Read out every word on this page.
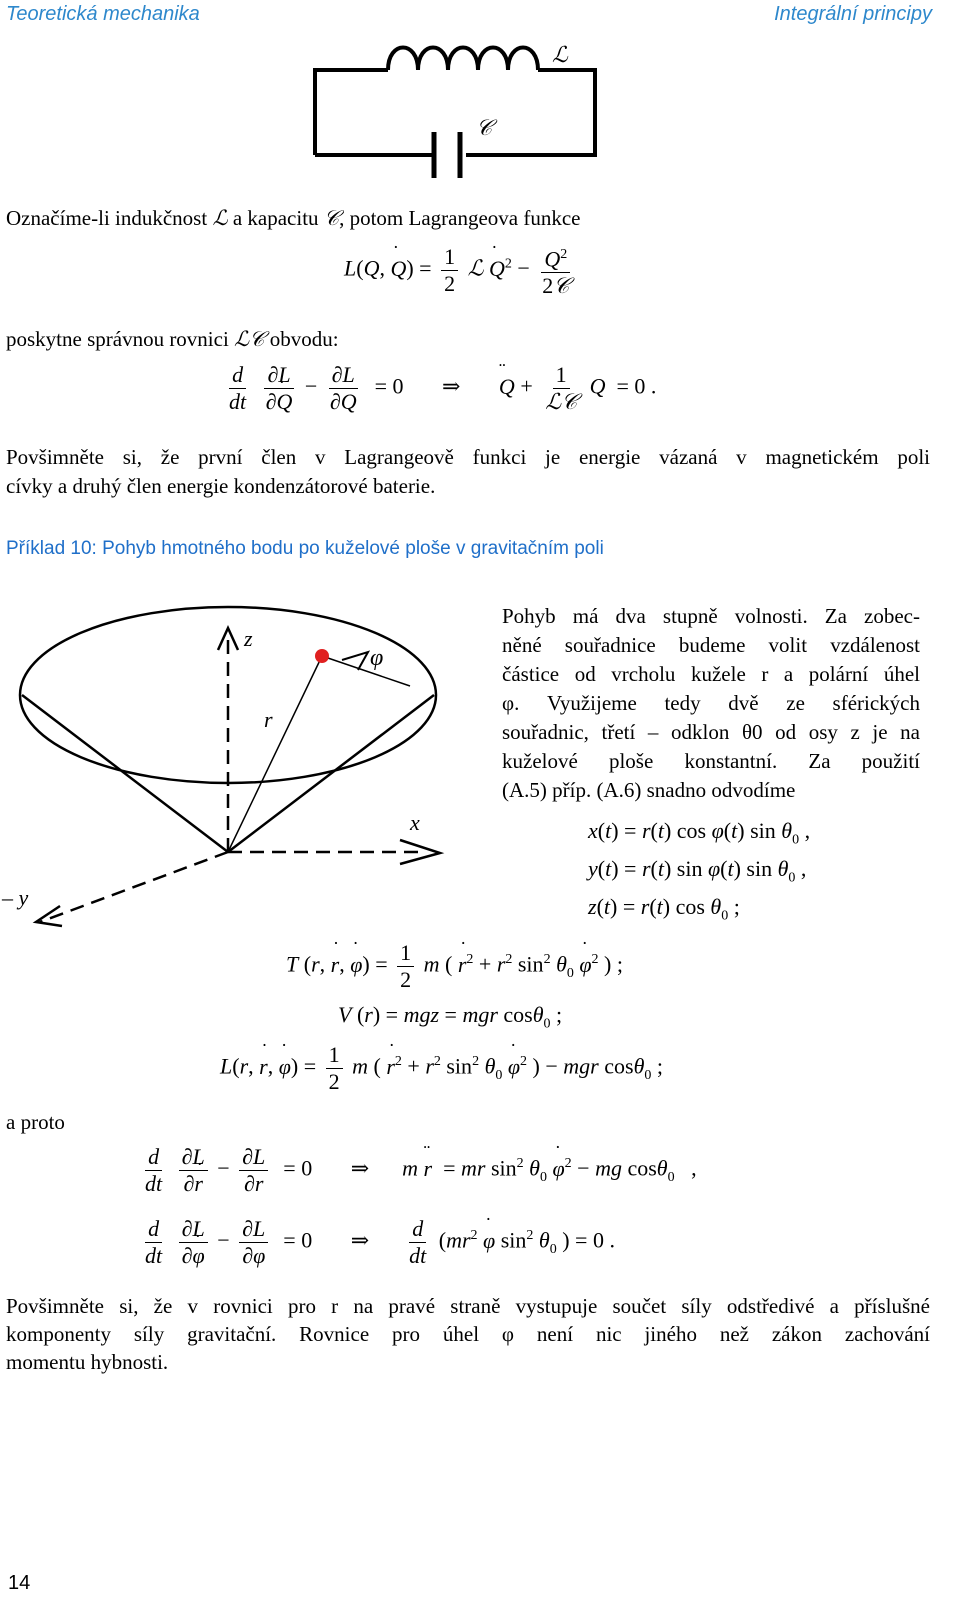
Teoretická mechanika	Integrální principy
ℒ
𝒞
Označíme-li indukčnost ℒ a kapacitu 𝒞, potom Lagrangeova funkce
L(Q, Q ˙) = $\frac{1}{2}$ ℒ Q ˙$^2$ − $\frac{Q^2}{\text{2𝒞}}$
poskytne správnou rovnici ℒ𝒞 obvodu:
$\frac{d}{dt}$
$\frac{\partial L}{\partial Q}$ ˙ − $\frac{\partial L}{\partial Q} = 0$       ⇒       Q ¨ + $\frac{1}{\text{ℒ𝒞}}$ Q  = 0 .
Povšimněte si, že první člen v Lagrangeově funkci je energie vázaná v magnetickém poli
cívky a druhý člen energie kondenzátorové baterie.
Příklad 10: Pohyb hmotného bodu po kuželové ploše v gravitačním poli
z
r
φ
x
– y
Pohyb má dva stupně volnosti. Za zobec-
něné souřadnice budeme volit vzdálenost
částice od vrcholu kužele r a polární úhel
φ. Využijeme tedy dvě ze sférických
souřadnic, třetí – odklon θ0 od osy z je na
kuželové ploše konstantní. Za použití
(A.5) příp. (A.6) snadno odvodíme
x(t) = r(t) cos φ(t) $\sin \theta_0$ ,
y(t) = r(t) sin φ(t) $\sin \theta_0$ ,
z(t) = r(t) $\cos \theta_0$ ;
T (r, r ˙, φ ˙) = $\frac{1}{2}$ m ( r ˙$^2$ + $r^2$ $\sin^2 \theta_0$ φ ˙$^2$ ) ;
V (r) = mgz = mgr cosθ$_0$ ;
L(r, r ˙, φ ˙) = $\frac{1}{2}$ m ( r ˙$^2$ + $r^2$ $\sin^2 \theta_0$ φ ˙$^2$ ) − mgr cosθ$_0$ ;
a proto
$\frac{d}{dt}$
$\frac{\partial L}{\partial r}$ ˙ − $\frac{\partial L}{\partial r} = 0$       ⇒      m r ¨  = mr $\sin^2 \theta_0$ φ ˙$^2$ − mg cosθ$_0$   ,
$\frac{d}{dt}$
$\frac{\partial L}{\partial\varphi}$ ˙ − $\frac{\partial L}{\partial\varphi} = 0$       ⇒ $\frac{d}{dt} (mr^2$ φ ˙ $\sin^2 \theta_0$ ) = 0 .
Povšimněte si, že v rovnici pro r na pravé straně vystupuje součet síly odstředivé a příslušné
komponenty síly gravitační. Rovnice pro úhel φ není nic jiného než zákon zachování
momentu hybnosti.
14
